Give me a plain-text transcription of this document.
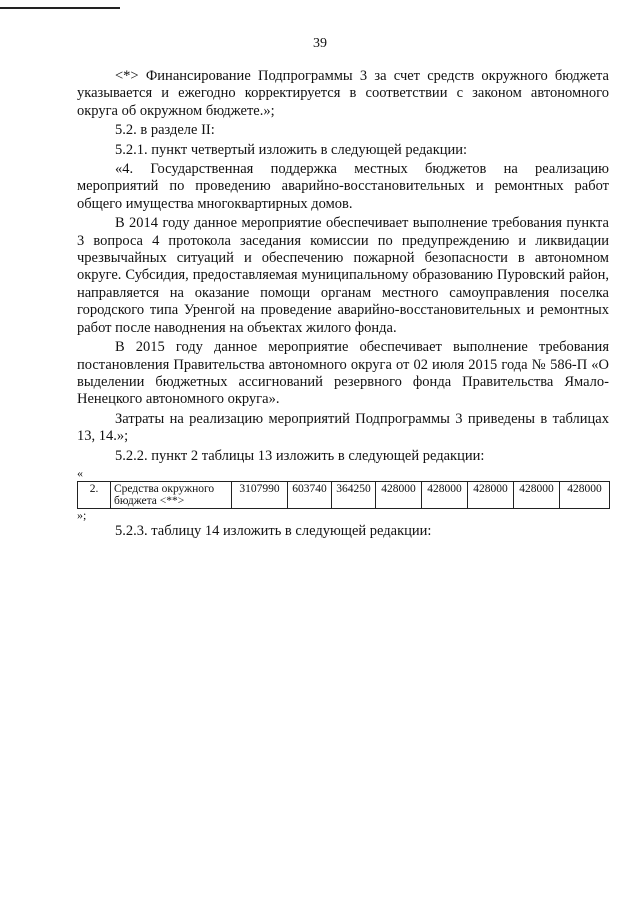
39

<*> Финансирование Подпрограммы 3 за счет средств окружного бюджета указывается и ежегодно корректируется в соответствии с законом автономного округа об окружном бюджете.»;

5.2. в разделе II:

5.2.1. пункт четвертый изложить в следующей редакции:

«4. Государственная поддержка местных бюджетов на реализацию мероприятий по проведению аварийно-восстановительных и ремонтных работ общего имущества многоквартирных домов.

В 2014 году данное мероприятие обеспечивает выполнение требования пункта 3 вопроса 4 протокола заседания комиссии по предупреждению и ликвидации чрезвычайных ситуаций и обеспечению пожарной безопасности в автономном округе. Субсидия, предоставляемая муниципальному образованию Пуровский район, направляется на оказание помощи органам местного самоуправления поселка городского типа Уренгой на проведение аварийно-восстановительных и ремонтных работ после наводнения на объектах жилого фонда.

В 2015 году данное мероприятие обеспечивает выполнение требования постановления Правительства автономного округа от 02 июля 2015 года № 586-П «О выделении бюджетных ассигнований резервного фонда Правительства Ямало-Ненецкого автономного округа».

Затраты на реализацию мероприятий Подпрограммы 3 приведены в таблицах 13, 14.»;

5.2.2. пункт 2 таблицы 13 изложить в следующей редакции:

«

2.	Средства окружного бюджета <**>	3107990	603740	364250	428000	428000	428000	428000	428000

»;

5.2.3. таблицу 14 изложить в следующей редакции:
